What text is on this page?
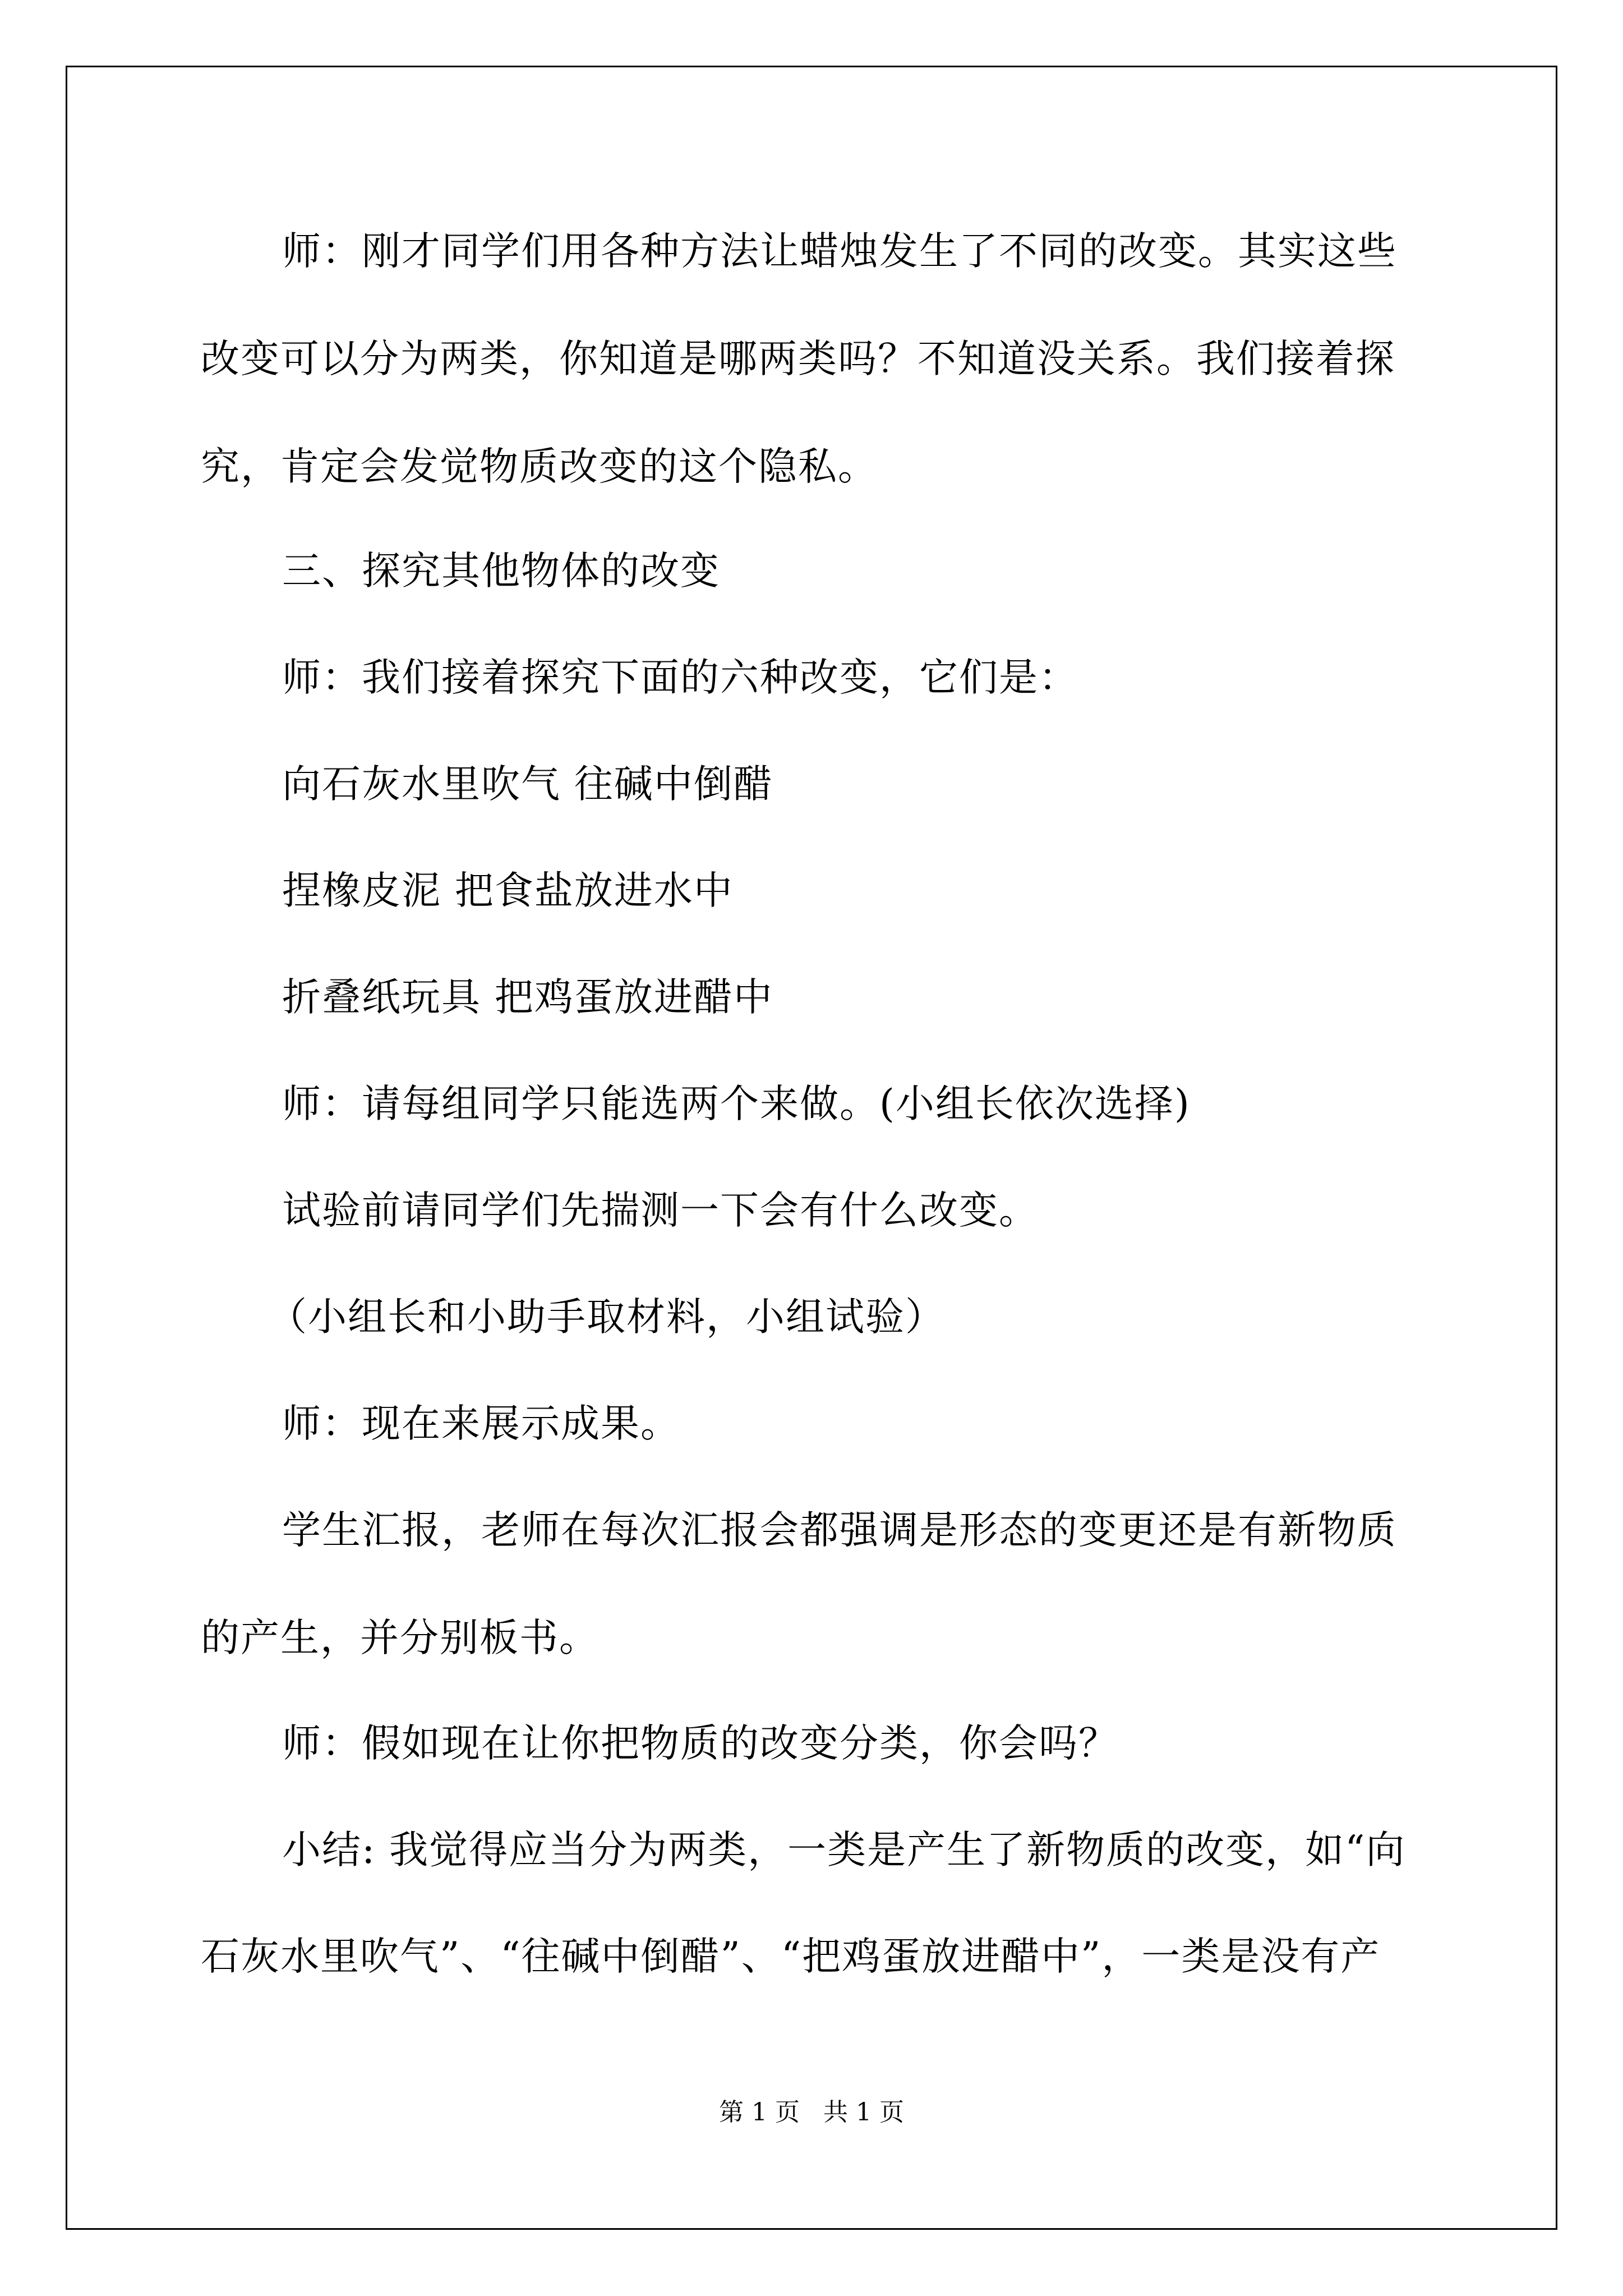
师：刚才同学们用各种方法让蜡烛发生了不同的改变。其实这些
改变可以分为两类，你知道是哪两类吗？不知道没关系。我们接着探
究，肯定会发觉物质改变的这个隐私。
三、探究其他物体的改变
师：我们接着探究下面的六种改变，它们是：
向石灰水里吹气 往碱中倒醋
捏橡皮泥 把食盐放进水中
折叠纸玩具 把鸡蛋放进醋中
师：请每组同学只能选两个来做。(小组长依次选择)
试验前请同学们先揣测一下会有什么改变。
（小组长和小助手取材料，小组试验）
师：现在来展示成果。
学生汇报，老师在每次汇报会都强调是形态的变更还是有新物质
的产生，并分别板书。
师：假如现在让你把物质的改变分类，你会吗？
小结: 我觉得应当分为两类，一类是产生了新物质的改变，如“向
石灰水里吹气”、“往碱中倒醋”、“把鸡蛋放进醋中”，一类是没有产
第 1 页   共 1 页
